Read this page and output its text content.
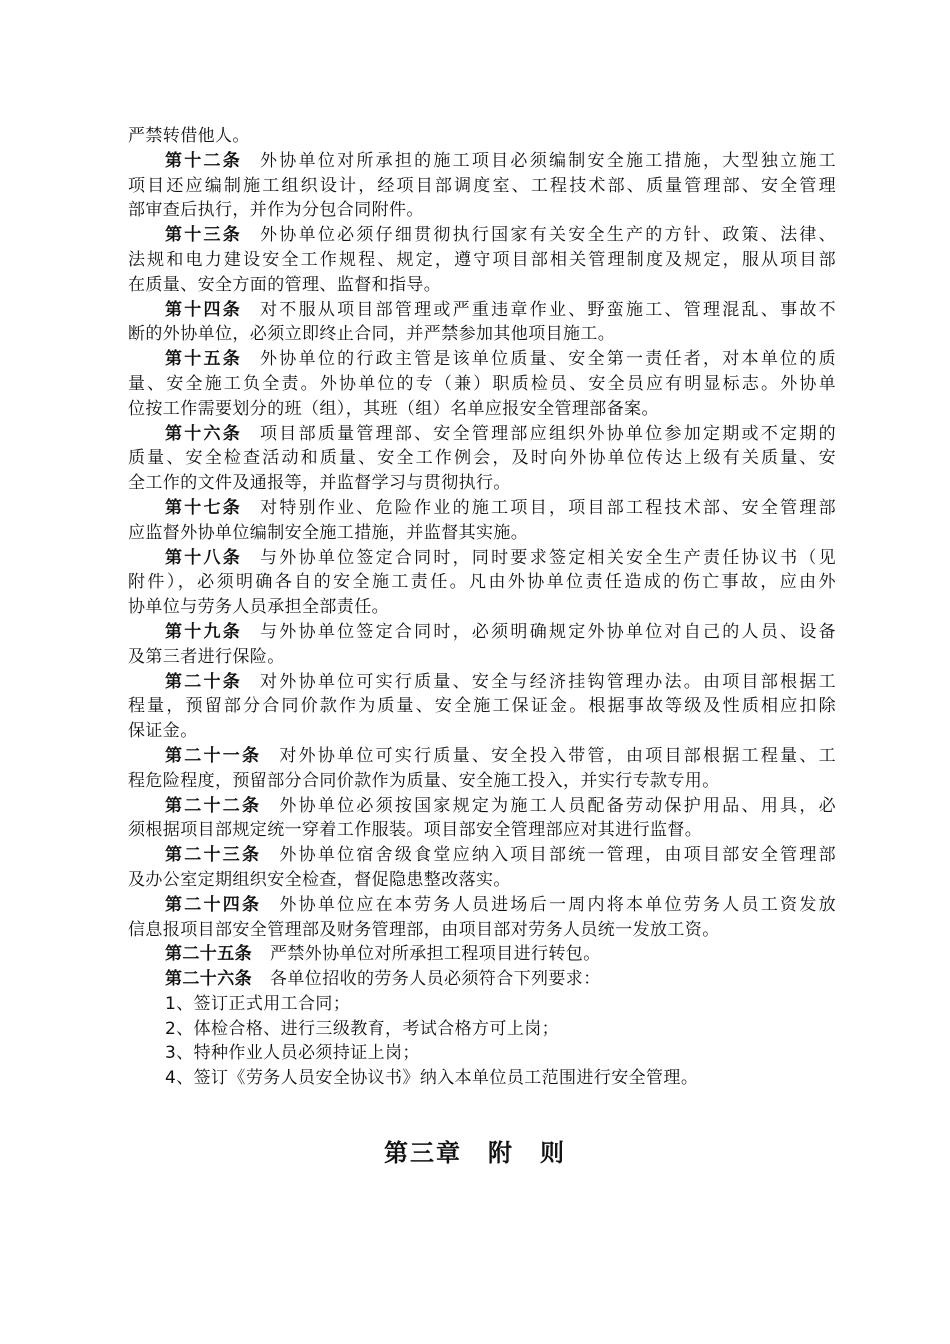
严禁转借他人。
第十二条 外协单位对所承担的施工项目必须编制安全施工措施，大型独立施工
项目还应编制施工组织设计，经项目部调度室、工程技术部、质量管理部、安全管理
部审查后执行，并作为分包合同附件。
第十三条 外协单位必须仔细贯彻执行国家有关安全生产的方针、政策、法律、
法规和电力建设安全工作规程、规定，遵守项目部相关管理制度及规定，服从项目部
在质量、安全方面的管理、监督和指导。
第十四条 对不服从项目部管理或严重违章作业、野蛮施工、管理混乱、事故不
断的外协单位，必须立即终止合同，并严禁参加其他项目施工。
第十五条 外协单位的行政主管是该单位质量、安全第一责任者，对本单位的质
量、安全施工负全责。外协单位的专（兼）职质检员、安全员应有明显标志。外协单
位按工作需要划分的班（组），其班（组）名单应报安全管理部备案。
第十六条 项目部质量管理部、安全管理部应组织外协单位参加定期或不定期的
质量、安全检查活动和质量、安全工作例会，及时向外协单位传达上级有关质量、安
全工作的文件及通报等，并监督学习与贯彻执行。
第十七条 对特别作业、危险作业的施工项目，项目部工程技术部、安全管理部
应监督外协单位编制安全施工措施，并监督其实施。
第十八条 与外协单位签定合同时，同时要求签定相关安全生产责任协议书（见
附件），必须明确各自的安全施工责任。凡由外协单位责任造成的伤亡事故，应由外
协单位与劳务人员承担全部责任。
第十九条 与外协单位签定合同时，必须明确规定外协单位对自己的人员、设备
及第三者进行保险。
第二十条 对外协单位可实行质量、安全与经济挂钩管理办法。由项目部根据工
程量，预留部分合同价款作为质量、安全施工保证金。根据事故等级及性质相应扣除
保证金。
第二十一条 对外协单位可实行质量、安全投入带管，由项目部根据工程量、工
程危险程度，预留部分合同价款作为质量、安全施工投入，并实行专款专用。
第二十二条 外协单位必须按国家规定为施工人员配备劳动保护用品、用具，必
须根据项目部规定统一穿着工作服装。项目部安全管理部应对其进行监督。
第二十三条 外协单位宿舍级食堂应纳入项目部统一管理，由项目部安全管理部
及办公室定期组织安全检查，督促隐患整改落实。
第二十四条 外协单位应在本劳务人员进场后一周内将本单位劳务人员工资发放
信息报项目部安全管理部及财务管理部，由项目部对劳务人员统一发放工资。
第二十五条 严禁外协单位对所承担工程项目进行转包。
第二十六条 各单位招收的劳务人员必须符合下列要求：
1、签订正式用工合同；
2、体检合格、进行三级教育，考试合格方可上岗；
3、特种作业人员必须持证上岗；
4、签订《劳务人员安全协议书》纳入本单位员工范围进行安全管理。
第三章 附 则
